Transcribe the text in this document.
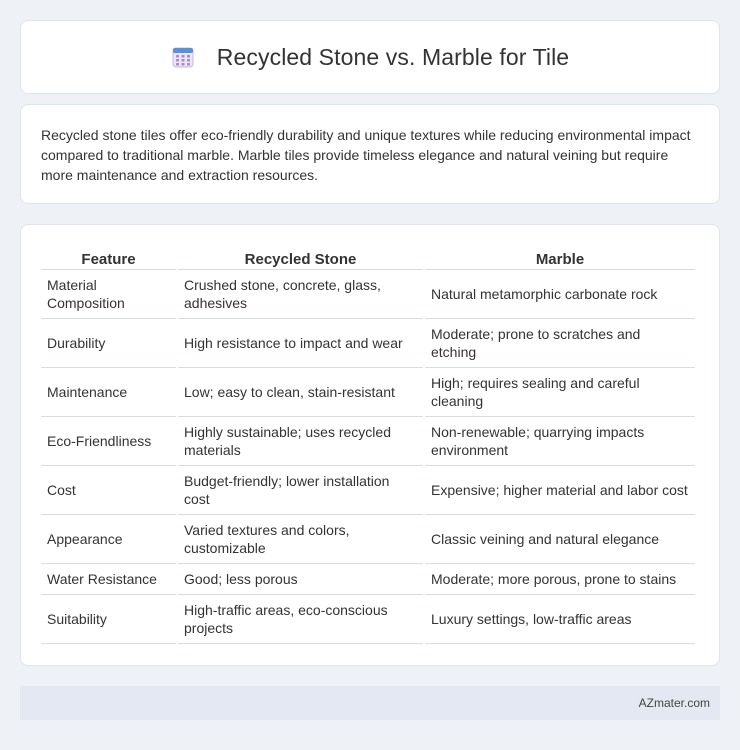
Recycled Stone vs. Marble for Tile

Recycled stone tiles offer eco-friendly durability and unique textures while reducing environmental impact compared to traditional marble. Marble tiles provide timeless elegance and natural veining but require more maintenance and extraction resources.

Feature	Recycled Stone	Marble
Material Composition	Crushed stone, concrete, glass, adhesives	Natural metamorphic carbonate rock
Durability	High resistance to impact and wear	Moderate; prone to scratches and etching
Maintenance	Low; easy to clean, stain-resistant	High; requires sealing and careful cleaning
Eco-Friendliness	Highly sustainable; uses recycled materials	Non-renewable; quarrying impacts environment
Cost	Budget-friendly; lower installation cost	Expensive; higher material and labor cost
Appearance	Varied textures and colors, customizable	Classic veining and natural elegance
Water Resistance	Good; less porous	Moderate; more porous, prone to stains
Suitability	High-traffic areas, eco-conscious projects	Luxury settings, low-traffic areas
AZmater.com
